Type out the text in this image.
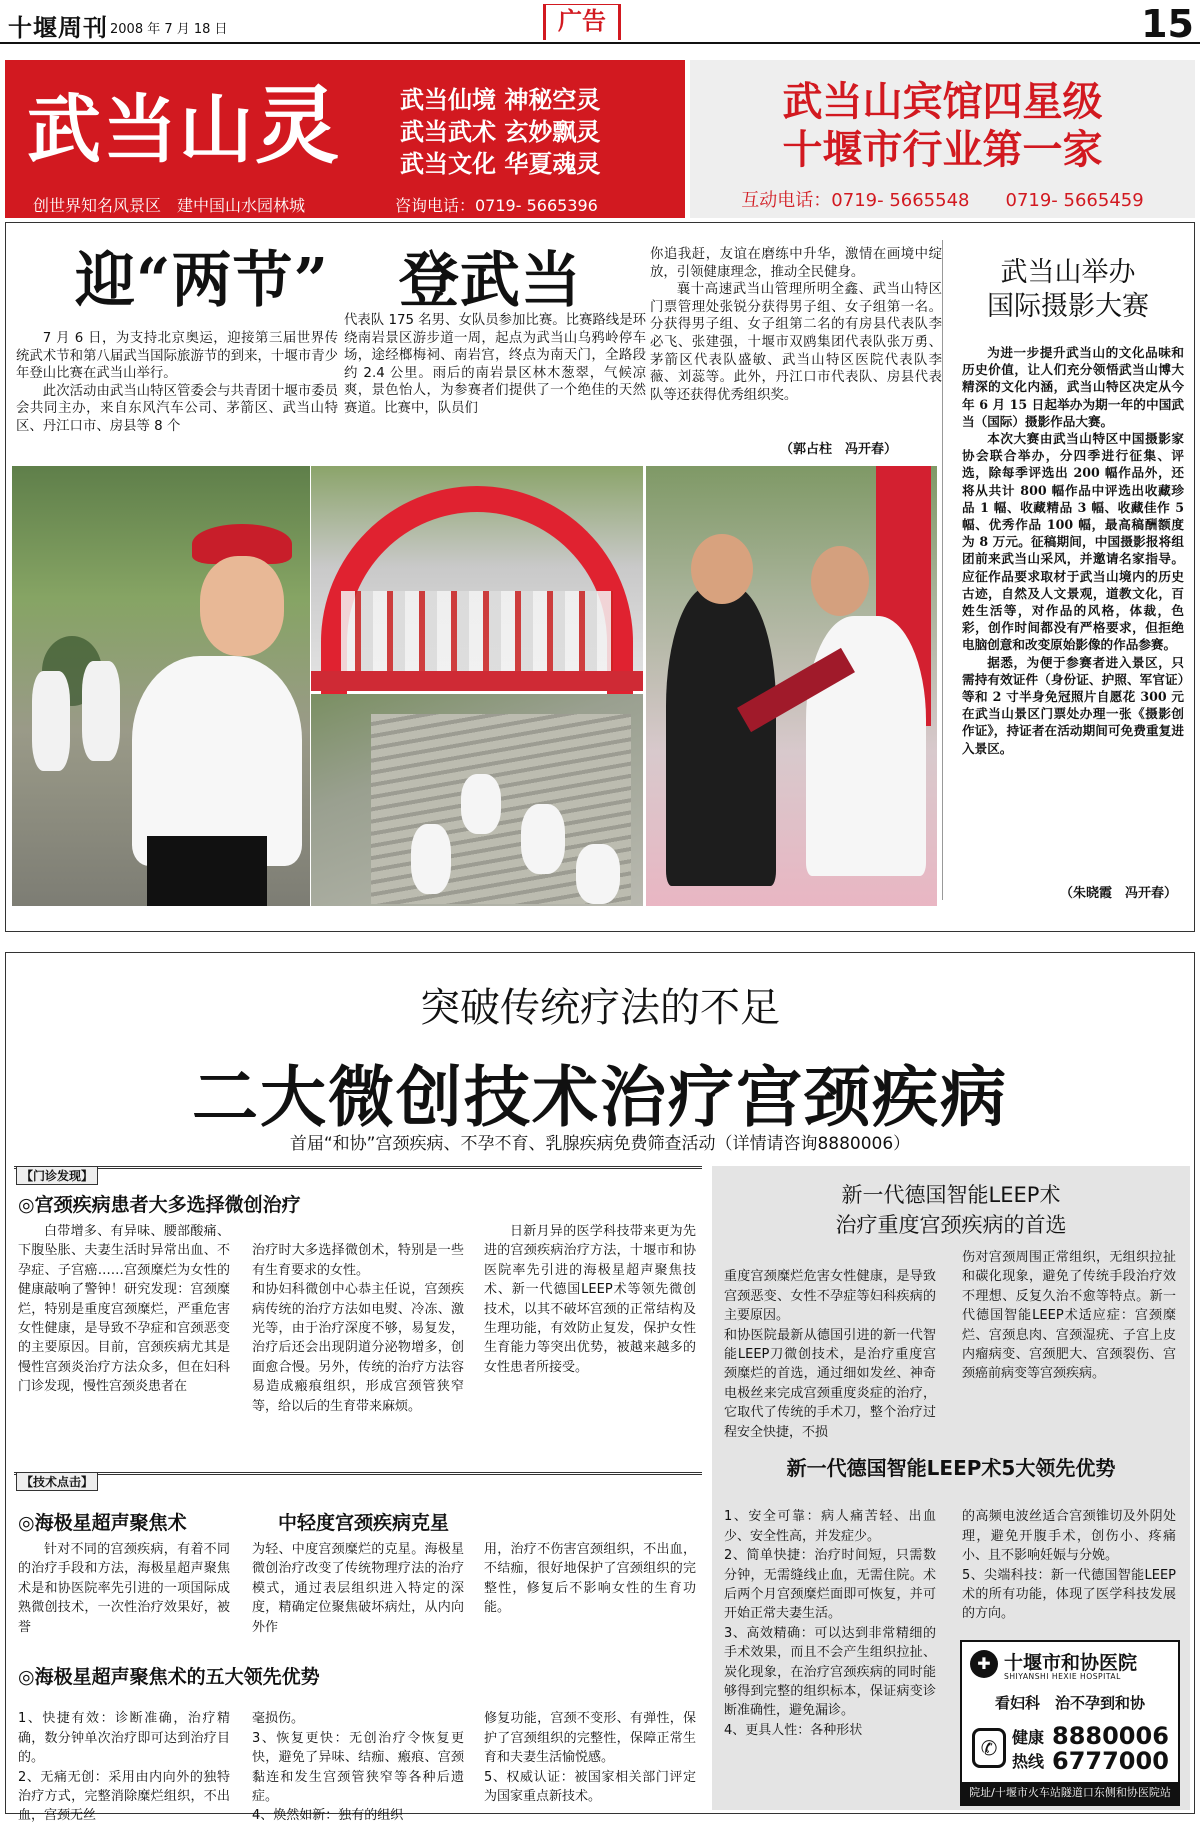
十堰周刊 2008 年 7 月 18 日	广告	15
武当山灵 武当仙境 神秘空灵
武当武术 玄妙飘灵
武当文化 华夏魂灵
创世界知名风景区　建中国山水园林城	咨询电话：0719- 5665396　5668567
武当山宾馆四星级
十堰市行业第一家
互动电话：0719- 5665548　　0719- 5665459
迎“两节” 登武当

7 月 6 日，为支持北京奥运，迎接第三届世界传统武术节和第八届武当国际旅游节的到来，十堰市青少年登山比赛在武当山举行。

此次活动由武当山特区管委会与共青团十堰市委员会共同主办，来自东风汽车公司、茅箭区、武当山特区、丹江口市、房县等 8 个

代表队 175 名男、女队员参加比赛。比赛路线是环绕南岩景区游步道一周，起点为武当山乌鸦岭停车场，途经榔梅祠、南岩宫，终点为南天门，全路段约 2.4 公里。雨后的南岩景区林木葱翠，气候凉爽，景色怡人，为参赛者们提供了一个绝佳的天然赛道。比赛中，队员们

你追我赶，友谊在磨练中升华，激情在画境中绽放，引领健康理念，推动全民健身。

襄十高速武当山管理所明全鑫、武当山特区门票管理处张锐分获得男子组、女子组第一名。分获得男子组、女子组第二名的有房县代表队李必飞、张建强，十堰市双鸥集团代表队张万勇、茅箭区代表队盛敏、武当山特区医院代表队李薇、刘蕊等。此外，丹江口市代表队、房县代表队等还获得优秀组织奖。

（郭占柱　冯开春）
武当山举办
国际摄影大赛

为进一步提升武当山的文化品味和历史价值，让人们充分领悟武当山博大精深的文化内涵，武当山特区决定从今年 6 月 15 日起举办为期一年的中国武当（国际）摄影作品大赛。

本次大赛由武当山特区中国摄影家协会联合举办，分四季进行征集、评选，除每季评选出 200 幅作品外，还将从共计 800 幅作品中评选出收藏珍品 1 幅、收藏精品 3 幅、收藏佳作 5 幅、优秀作品 100 幅，最高稿酬额度为 8 万元。征稿期间，中国摄影报将组团前来武当山采风，并邀请名家指导。应征作品要求取材于武当山境内的历史古迹，自然及人文景观，道教文化，百姓生活等，对作品的风格，体裁，色彩，创作时间都没有严格要求，但拒绝电脑创意和改变原始影像的作品参赛。

据悉，为便于参赛者进入景区，只需持有效证件（身份证、护照、军官证）等和 2 寸半身免冠照片自愿花 300 元在武当山景区门票处办理一张《摄影创作证》，持证者在活动期间可免费重复进入景区。

（朱晓霞　冯开春）
突破传统疗法的不足
二大微创技术治疗宫颈疾病
首届“和协”宫颈疾病、不孕不育、乳腺疾病免费筛查活动（详情请咨询8880006）
【门诊发现】
◎宫颈疾病患者大多选择微创治疗

白带增多、有异味、腰部酸痛、下腹坠胀、夫妻生活时异常出血、不孕症、子宫癌……宫颈糜烂为女性的健康敲响了警钟！研究发现：宫颈糜烂，特别是重度宫颈糜烂，严重危害女性健康，是导致不孕症和宫颈恶变的主要原因。目前，宫颈疾病尤其是慢性宫颈炎治疗方法众多，但在妇科门诊发现，慢性宫颈炎患者在

治疗时大多选择微创术，特别是一些有生育要求的女性。
和协妇科微创中心恭主任说，宫颈疾病传统的治疗方法如电熨、冷冻、激光等，由于治疗深度不够，易复发，治疗后还会出现阴道分泌物增多，创面愈合慢。另外，传统的治疗方法容易造成瘢痕组织，形成宫颈管狭窄等，给以后的生育带来麻烦。

日新月异的医学科技带来更为先进的宫颈疾病治疗方法，十堰市和协医院率先引进的海极星超声聚焦技术、新一代德国LEEP术等领先微创技术，以其不破坏宫颈的正常结构及生理功能，有效防止复发，保护女性生育能力等突出优势，被越来越多的女性患者所接受。

【技术点击】
◎海极星超声聚焦术	中轻度宫颈疾病克星

针对不同的宫颈疾病，有着不同的治疗手段和方法，海极星超声聚焦术是和协医院率先引进的一项国际成熟微创技术，一次性治疗效果好，被誉

为轻、中度宫颈糜烂的克星。海极星微创治疗改变了传统物理疗法的治疗模式，通过表层组织进入特定的深度，精确定位聚焦破坏病灶，从内向外作

用，治疗不伤害宫颈组织，不出血，不结痂，很好地保护了宫颈组织的完整性，修复后不影响女性的生育功能。

◎海极星超声聚焦术的五大领先优势

1、快捷有效：诊断准确，治疗精确，数分钟单次治疗即可达到治疗目的。
2、无痛无创：采用由内向外的独特治疗方式，完整消除糜烂组织，不出血，宫颈无丝

毫损伤。
3、恢复更快：无创治疗令恢复更快，避免了异味、结痂、瘢痕、宫颈黏连和发生宫颈管狭窄等各种后遗症。
4、焕然如新：独有的组织

修复功能，宫颈不变形、有弹性，保护了宫颈组织的完整性，保障正常生育和夫妻生活愉悦感。
5、权威认证：被国家相关部门评定为国家重点新技术。

新一代德国智能LEEP术
治疗重度宫颈疾病的首选

重度宫颈糜烂危害女性健康，是导致宫颈恶变、女性不孕症等妇科疾病的主要原因。
和协医院最新从德国引进的新一代智能LEEP刀微创技术，是治疗重度宫颈糜烂的首选，通过细如发丝、神奇电极丝来完成宫颈重度炎症的治疗，它取代了传统的手术刀，整个治疗过程安全快捷，不损

伤对宫颈周围正常组织，无组织拉扯和碳化现象，避免了传统手段治疗效不理想、反复久治不愈等特点。新一代德国智能LEEP术适应症：宫颈糜烂、宫颈息肉、宫颈湿疣、子宫上皮内瘤病变、宫颈肥大、宫颈裂伤、宫颈癌前病变等宫颈疾病。

新一代德国智能LEEP术5大领先优势

1、安全可靠：病人痛苦轻、出血少、安全性高，并发症少。
2、简单快捷：治疗时间短，只需数分钟，无需缝线止血，无需住院。术后两个月宫颈糜烂面即可恢复，并可开始正常夫妻生活。
3、高效精确：可以达到非常精细的手术效果，而且不会产生组织拉扯、炭化现象，在治疗宫颈疾病的同时能够得到完整的组织标本，保证病变诊断准确性，避免漏诊。
4、更具人性：各种形状

的高频电波丝适合宫颈锥切及外阴处理，避免开腹手术，创伤小、疼痛小、且不影响妊娠与分娩。
5、尖端科技：新一代德国智能LEEP术的所有功能，体现了医学科技发展的方向。

✚ 十堰市和协医院
SHIYANSHI HEXIE HOSPITAL
看妇科　治不孕到和协
✆ 健康
热线
8880006
6777000
院址/十堰市火车站隧道口东侧和协医院站
